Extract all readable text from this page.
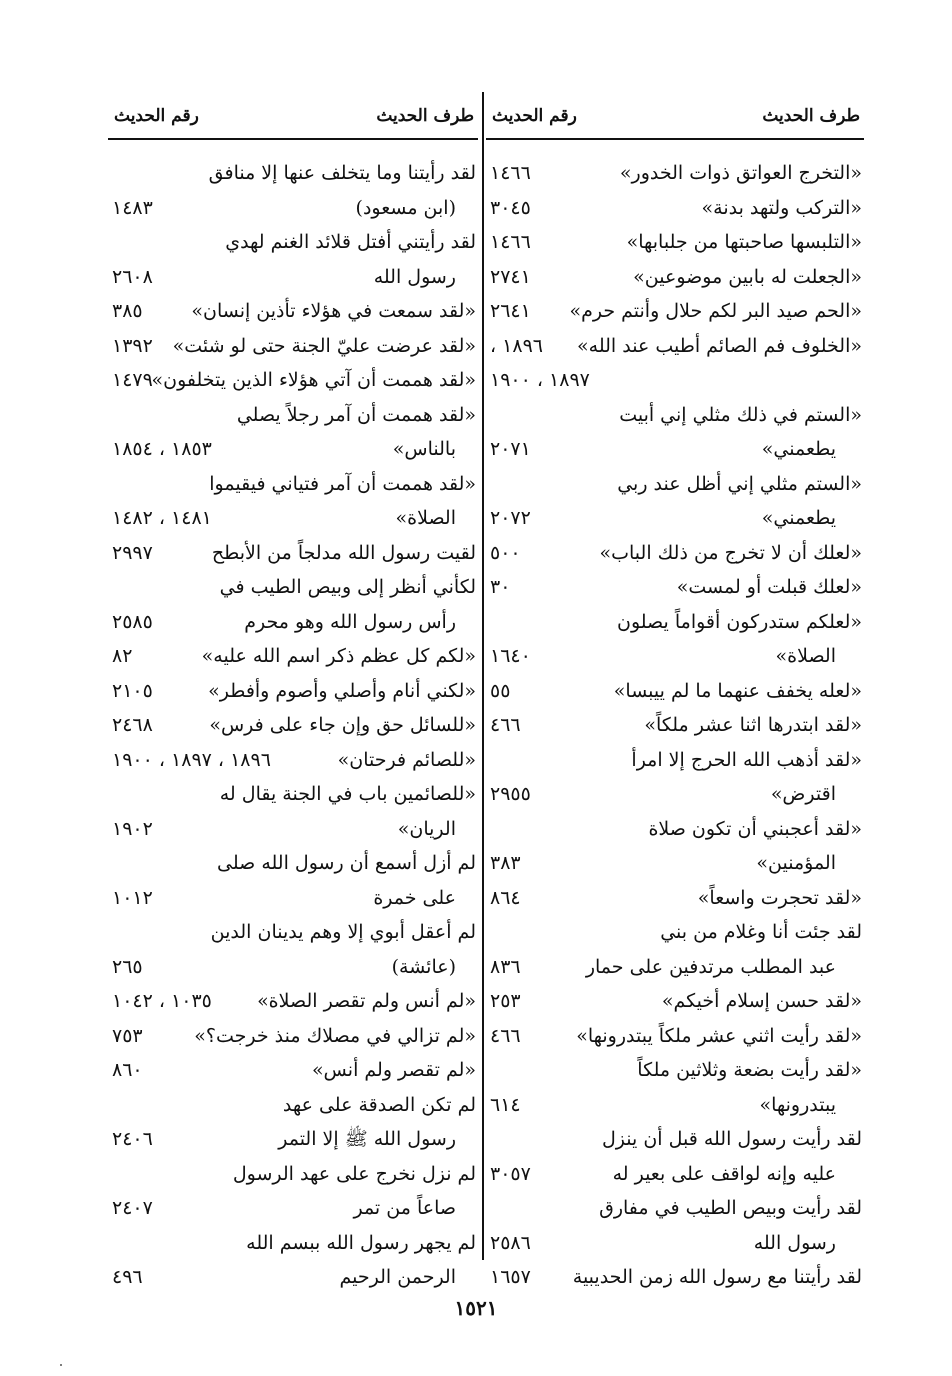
طرف الحديث
رقم الحديث
«التخرج العواتق ذوات الخدور»
١٤٦٦
«التركب ولتهد بدنة»
٣٠٤٥
«التلبسها صاحبتها من جلبابها»
١٤٦٦
«الجعلت له بابين موضوعين»
٢٧٤١
«الحم صيد البر لكم حلال وأنتم حرم»
٢٦٤١
«الخلوف فم الصائم أطيب عند الله»
١٨٩٦ ،
١٨٩٧ ، ١٩٠٠
«الستم في ذلك مثلي إني أبيت
يطعمني»
٢٠٧١
«الستم مثلي إني أظل عند ربي
يطعمني»
٢٠٧٢
«لعلك أن لا تخرج من ذلك الباب»
٥٠٠
«لعلك قبلت أو لمست»
٣٠
«لعلكم ستدركون أقواماً يصلون
الصلاة»
١٦٤٠
«لعله يخفف عنهما ما لم ييبسا»
٥٥
«لقد ابتدرها اثنا عشر ملكاً»
٤٦٦
«لقد أذهب الله الحرج إلا امرأ
اقترض»
٢٩٥٥
«لقد أعجبني أن تكون صلاة
المؤمنين»
٣٨٣
«لقد تحجرت واسعاً»
٨٦٤
لقد جئت أنا وغلام من بني
عبد المطلب مرتدفين على حمار
٨٣٦
«لقد حسن إسلام أخيكم»
٢٥٣
«لقد رأيت اثني عشر ملكاً يبتدرونها»
٤٦٦
«لقد رأيت بضعة وثلاثين ملكاً
يبتدرونها»
٦١٤
لقد رأيت رسول الله قبل أن ينزل
عليه وإنه لواقف على بعير له
٣٠٥٧
لقد رأيت وبيص الطيب في مفارق
رسول الله
٢٥٨٦
لقد رأيتنا مع رسول الله زمن الحديبية
١٦٥٧
طرف الحديث
رقم الحديث
لقد رأيتنا وما يتخلف عنها إلا منافق
(ابن مسعود)
١٤٨٣
لقد رأيتني أفتل قلائد الغنم لهدي
رسول الله
٢٦٠٨
«لقد سمعت في هؤلاء تأذين إنسان»
٣٨٥
«لقد عرضت عليّ الجنة حتى لو شئت»
١٣٩٢
«لقد هممت أن آتي هؤلاء الذين يتخلفون»
١٤٧٩
«لقد هممت أن آمر رجلاً يصلي
بالناس»
١٨٥٣ ، ١٨٥٤
«لقد هممت أن آمر فتياني فيقيموا
الصلاة»
١٤٨١ ، ١٤٨٢
لقيت رسول الله مدلجاً من الأبطح
٢٩٩٧
لكأني أنظر إلى وبيص الطيب في
رأس رسول الله وهو محرم
٢٥٨٥
«لكم كل عظم ذكر اسم الله عليه»
٨٢
«لكني أنام وأصلي وأصوم وأفطر»
٢١٠٥
«للسائل حق وإن جاء على فرس»
٢٤٦٨
«للصائم فرحتان»
١٨٩٦ ، ١٨٩٧ ، ١٩٠٠
«للصائمين باب في الجنة يقال له
الريان»
١٩٠٢
لم أزل أسمع أن رسول الله صلى
على خمرة
١٠١٢
لم أعقل أبوي إلا وهم يدينان الدين
(عائشة)
٢٦٥
«لم أنس ولم تقصر الصلاة»
١٠٣٥ ، ١٠٤٢
«لم تزالي في مصلاك منذ خرجت؟»
٧٥٣
«لم تقصر ولم أنس»
٨٦٠
لم تكن الصدقة على عهد
رسول الله ﷺ إلا التمر
٢٤٠٦
لم نزل نخرج على عهد الرسول
صاعاً من تمر
٢٤٠٧
لم يجهر رسول الله ببسم الله
الرحمن الرحيم
٤٩٦
١٥٢١
